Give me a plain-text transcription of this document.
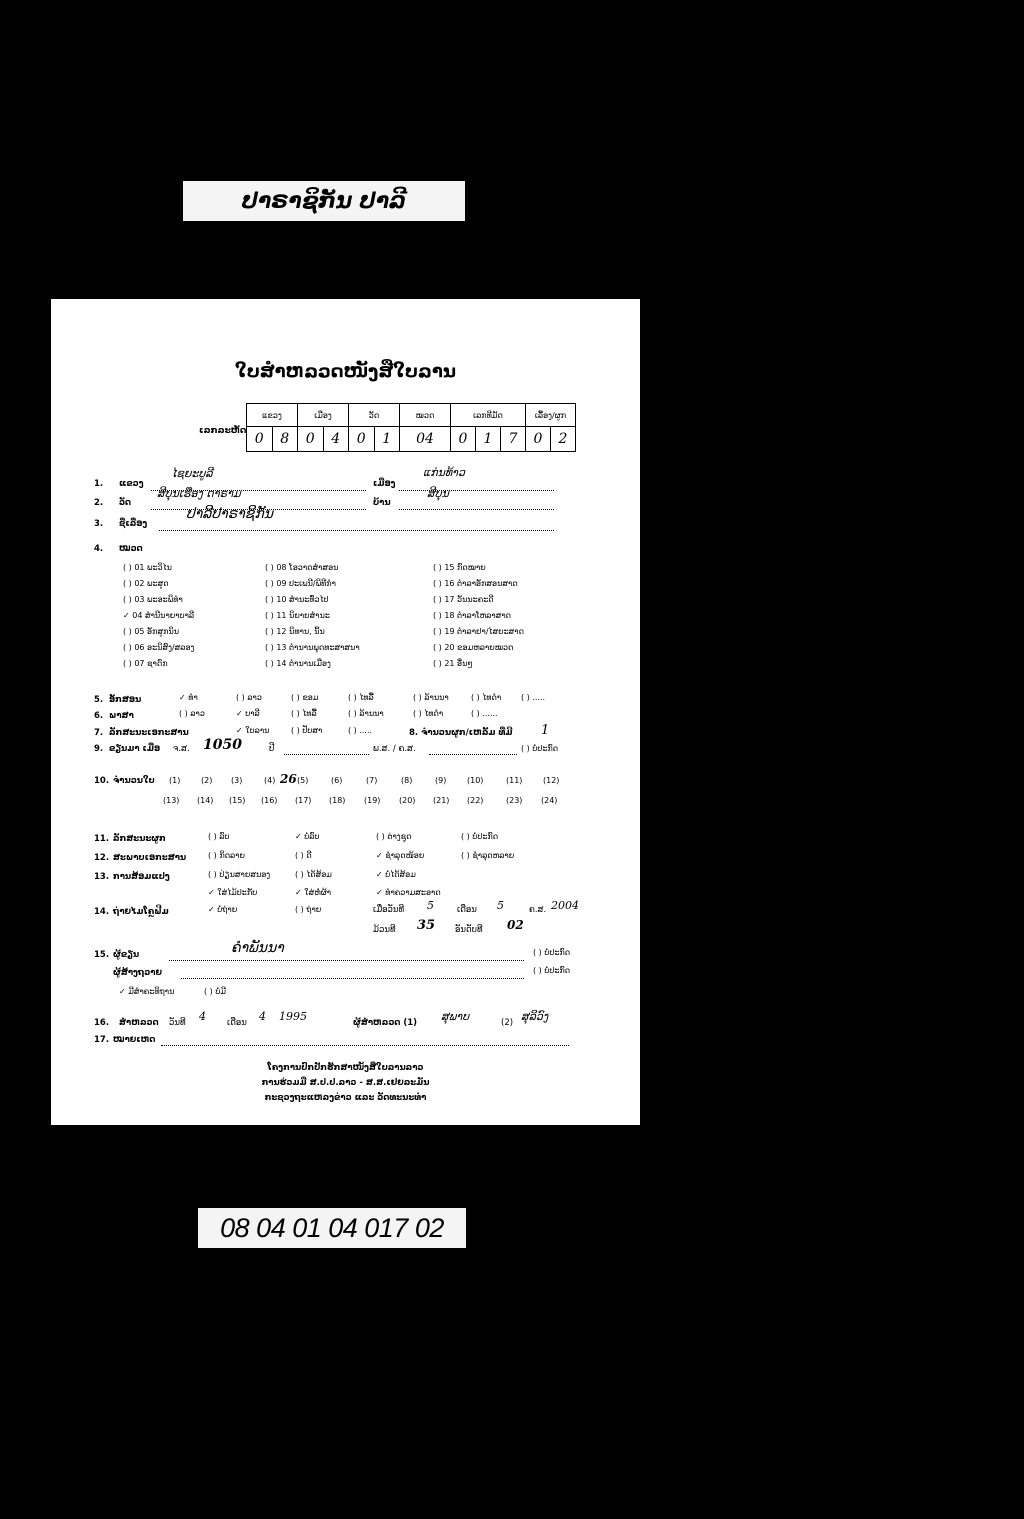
ປາຣາຊິກັນ ປາລີ
ໃບສຳຫລວດໜັງສືໃບລານ
ເລກລະຫັດ
ແຂວງ		ເມືອງ		ວັດ		ໝວດ	ເລກທີມັດ			ເລື້ອງ/ຜູກ	
0	8	0	4	0	1	04	0	1	7	0	2
1. ແຂວງ
ໄຊຍະບູລີ
ເມືອງ
ແກ່ນທ້າວ
2. ວັດ
ສີບຸນເຮືອງ ດາຣາມ
ບ້ານ
ສີບຸນ
3. ຊື່ເລື່ອງ
ປາລີປາຣາຊິກັນ
4. ໝວດ
( ) 01 ພະວິໄນ
( ) 02 ພະສູດ
( ) 03 ພະອະພິທຳ
✓ 04 ສຳນີນາຍາບາລີ
( ) 05 ອັກສູກນິນ
( ) 06 ອະນິສົງ/ສລອງ
( ) 07 ຊາດົກ
( ) 08 ໂອວາດສຳສອນ
( ) 09 ປະເພນີ/ພິທີກຳ
( ) 10 ສຳນະທົ່ວໄປ
( ) 11 ນິຍາຍສຳນະ
( ) 12 ນິທານ, ນິ້ນ
( ) 13 ຕຳນານພຸດທະສາສນາ
( ) 14 ຕຳນານເມືອງ
( ) 15 ກົດໝາຍ
( ) 16 ຕຳລາອັກສອນສາດ
( ) 17 ວັນນະຄະດີ
( ) 18 ຕຳລາໂຫລາສາດ
( ) 19 ຕຳລາຢາ/ໄສຍະສາດ
( ) 20 ຂອມຫລາຍໝວດ
( ) 21 ອື່ນໆ
5. ອັກສອນ	✓ ທຳ	( ) ລາວ	( ) ຂອມ	( ) ໄທລື້	( ) ລ້ານນາ	( ) ໄທດຳ ( ) .....
6. ພາສາ	( ) ລາວ	✓ ບາລີ	( ) ໄທລື້	( ) ລ້ານນາ	( ) ໄທດຳ	( ) ......
7. ລັກສະນະເອກະສານ	✓ ໃບລານ	( ) ປັບສາ	( ) .....	8. ຈຳນວນຜູກ/ເຫລັ້ມ ທີ່ມີ 1
9. ຂຽນມາ ເມື່ອ ຈ.ສ. 1050	ປີ	ພ.ສ. / ຄ.ສ.	( ) ບໍ່ປະກົດ
10. ຈຳນວນໃບ (1)	(2) (3)	(4) 26 (5)	(6)	(7)	(8)	(9)	(10)	(11)	(12)
(13) (14) (15) (16) (17) (18) (19) (20) (21) (22)	(23) (24)
11. ລັກສະນະຜູກ	( ) ລົບ	✓ ບໍ່ລົບ	( ) ຕ່າງຊຸດ	( ) ບໍ່ປະກົດ
12. ສະພາບເອກະສານ	( ) ກິດລາຍ	( ) ດີ	✓ ຊຳລຸດໜ້ອຍ	( ) ຊຳລຸດຫລາຍ
13. ການສ້ອມແປງ	( ) ປ່ຽນສາຍສນອງ	( ) ໄດ້ສ້ອມ	✓ ບໍ່ໄດ້ສ້ອມ
✓ ໃສ່ໄມ້ປະກັບ	✓ ໃສ່ຫໍ່ຜ້າ	✓ ທຳຄວາມສະອາດ
14. ຖ່າຍໄມໂຄຼຟີມ	✓ ບໍ່ຖ່າຍ	( ) ຖ່າຍ	ເມື່ອວັນທີ 5	ເດືອນ 5	ຄ.ສ. 2004
ມ້ວນທີ 35 ອັນດັບທີ 02
15. ຜູ້ຂຽນ	ຄຳພັນນາ	( ) ບໍ່ປະກົດ
ຜູ້ສ້າງຖວາຍ	( ) ບໍ່ປະກົດ
✓ ມີສຳຄະທິຖານ	( ) ບໍ່ມີ
16. ສຳຫລວດ ວັນທີ 4 ເດືອນ 4 1995	ຜູ້ສຳຫລວດ (1) ສຸພາບ	(2) ສຸລິວົງ
17. ໝາຍເຫດ
ໂຄງການປົກປັກຮັກສາໜັງສືໃບລານລາວ
ການຮ່ວມມື ສ.ປ.ປ.ລາວ - ສ.ສ.ເຢຍລະມັນ
ກະຊວງຖະແຫລງຂ່າວ ແລະ ວັດທະນະທຳ
08 04 01 04 017 02
